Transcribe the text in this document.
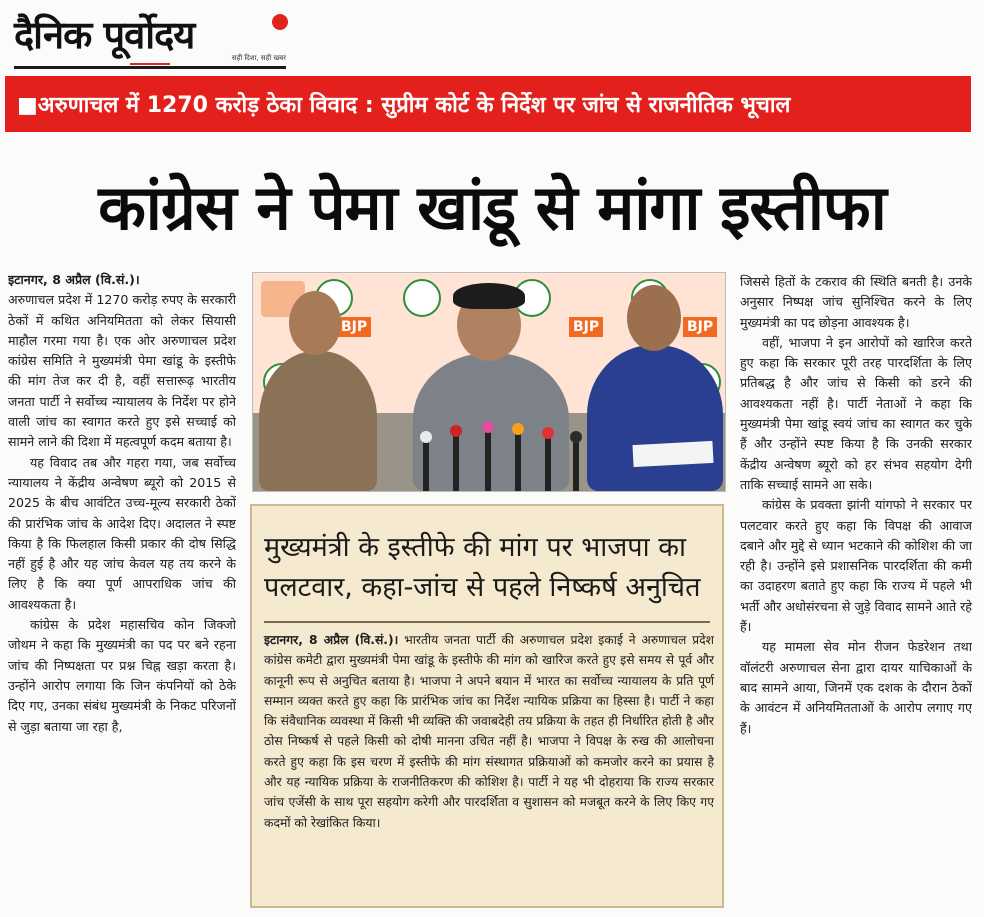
दैनिक पूर्वोदय
सही दिशा, सही खबर
■अरुणाचल में 1270 करोड़ ठेका विवाद : सुप्रीम कोर्ट के निर्देश पर जांच से राजनीतिक भूचाल
कांग्रेस ने पेमा खांडू से मांगा इस्तीफा

इटानगर, 8 अप्रैल (वि.सं.)।
अरुणाचल प्रदेश में 1270 करोड़ रुपए के सरकारी ठेकों में कथित अनियमितता को लेकर सियासी माहौल गरमा गया है। एक ओर अरुणाचल प्रदेश कांग्रेस समिति ने मुख्यमंत्री पेमा खांडू के इस्तीफे की मांग तेज कर दी है, वहीं सत्तारूढ़ भारतीय जनता पार्टी ने सर्वोच्च न्यायालय के निर्देश पर होने वाली जांच का स्वागत करते हुए इसे सच्चाई को सामने लाने की दिशा में महत्वपूर्ण कदम बताया है।

यह विवाद तब और गहरा गया, जब सर्वोच्च न्यायालय ने केंद्रीय अन्वेषण ब्यूरो को 2015 से 2025 के बीच आवंटित उच्च-मूल्य सरकारी ठेकों की प्रारंभिक जांच के आदेश दिए। अदालत ने स्पष्ट किया है कि फिलहाल किसी प्रकार की दोष सिद्धि नहीं हुई है और यह जांच केवल यह तय करने के लिए है कि क्या पूर्ण आपराधिक जांच की आवश्यकता है।

कांग्रेस के प्रदेश महासचिव कोन जिक्जो जोथम ने कहा कि मुख्यमंत्री का पद पर बने रहना जांच की निष्पक्षता पर प्रश्न चिह्न खड़ा करता है। उन्होंने आरोप लगाया कि जिन कंपनियों को ठेके दिए गए, उनका संबंध मुख्यमंत्री के निकट परिजनों से जुड़ा बताया जा रहा है,

BJP	BJP	BJP
मुख्यमंत्री के इस्तीफे की मांग पर भाजपा का पलटवार, कहा-जांच से पहले निष्कर्ष अनुचित

इटानगर, 8 अप्रैल (वि.सं.)। भारतीय जनता पार्टी की अरुणाचल प्रदेश इकाई ने अरुणाचल प्रदेश कांग्रेस कमेटी द्वारा मुख्यमंत्री पेमा खांडू के इस्तीफे की मांग को खारिज करते हुए इसे समय से पूर्व और कानूनी रूप से अनुचित बताया है। भाजपा ने अपने बयान में भारत का सर्वोच्च न्यायालय के प्रति पूर्ण सम्मान व्यक्त करते हुए कहा कि प्रारंभिक जांच का निर्देश न्यायिक प्रक्रिया का हिस्सा है। पार्टी ने कहा कि संवैधानिक व्यवस्था में किसी भी व्यक्ति की जवाबदेही तय प्रक्रिया के तहत ही निर्धारित होती है और ठोस निष्कर्ष से पहले किसी को दोषी मानना उचित नहीं है। भाजपा ने विपक्ष के रुख की आलोचना करते हुए कहा कि इस चरण में इस्तीफे की मांग संस्थागत प्रक्रियाओं को कमजोर करने का प्रयास है और यह न्यायिक प्रक्रिया के राजनीतिकरण की कोशिश है। पार्टी ने यह भी दोहराया कि राज्य सरकार जांच एजेंसी के साथ पूरा सहयोग करेगी और पारदर्शिता व सुशासन को मजबूत करने के लिए किए गए कदमों को रेखांकित किया।

जिससे हितों के टकराव की स्थिति बनती है। उनके अनुसार निष्पक्ष जांच सुनिश्चित करने के लिए मुख्यमंत्री का पद छोड़ना आवश्यक है।

वहीं, भाजपा ने इन आरोपों को खारिज करते हुए कहा कि सरकार पूरी तरह पारदर्शिता के लिए प्रतिबद्ध है और जांच से किसी को डरने की आवश्यकता नहीं है। पार्टी नेताओं ने कहा कि मुख्यमंत्री पेमा खांडू स्वयं जांच का स्वागत कर चुके हैं और उन्होंने स्पष्ट किया है कि उनकी सरकार केंद्रीय अन्वेषण ब्यूरो को हर संभव सहयोग देगी ताकि सच्चाई सामने आ सके।

कांग्रेस के प्रवक्ता झांनी यांगफो ने सरकार पर पलटवार करते हुए कहा कि विपक्ष की आवाज दबाने और मुद्दे से ध्यान भटकाने की कोशिश की जा रही है। उन्होंने इसे प्रशासनिक पारदर्शिता की कमी का उदाहरण बताते हुए कहा कि राज्य में पहले भी भर्ती और अधोसंरचना से जुड़े विवाद सामने आते रहे हैं।

यह मामला सेव मोन रीजन फेडरेशन तथा वॉलंटरी अरुणाचल सेना द्वारा दायर याचिकाओं के बाद सामने आया, जिनमें एक दशक के दौरान ठेकों के आवंटन में अनियमितताओं के आरोप लगाए गए हैं।
